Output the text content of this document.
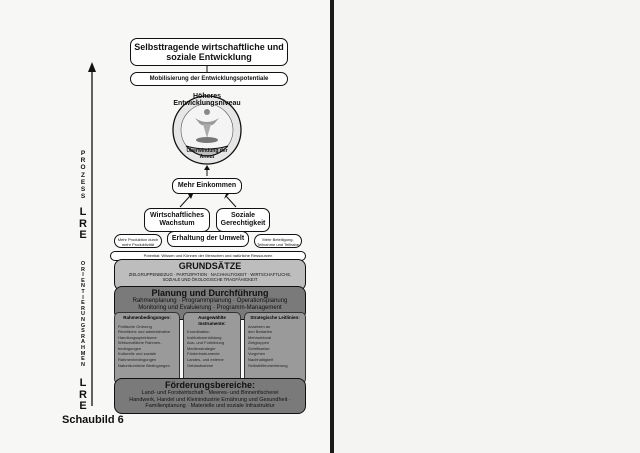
Selbsttragende wirtschaftliche und soziale Entwicklung
Mobilisierung der Entwicklungspotentiale
Höheres Entwicklungsniveau
Überwindung der Armut
Mehr Einkommen
Wirtschaftliches Wachstum
Soziale Gerechtigkeit
Mehr Produktion durch mehr Produktivität
Erhaltung der Umwelt	Mehr Beteiligung, Teilnahme und Teilhabe
Potential: Wissen und Können der Menschen und natürliche Ressourcen
P
R
O
Z
E
S
S
L
R
E
O
R
I
E
N
T
I
E
R
U
N
G
S
R
A
H
M
E
N
L
R
E
GRUNDSÄTZE
ZIELGRUPPENBEZUG · PARTIZIPATION · NACHHALTIGKEIT · WIRTSCHAFTLICHE, SOZIALE UND ÖKOLOGISCHE TRAGFÄHIGKEIT
Planung und Durchführung
Rahmenplanung · Programmplanung · Operationsplanung
Monitoring und Evaluierung · Programm-Management
Rahmenbedingungen:
Politische Ordnung
Rechtliche und administrative
Handlungsspielräume
Wirtschaftliche Rahmen-
bedingungen
Kulturelle und soziale
Rahmenbedingungen
Naturräumliche Bedingungen
Ausgewählte Instrumente:
Koordination
Institutionenbildung
Aus- und Fortbildung
Medienstrategie
Förderinstrumente
Landes- und externe
Geldaufnahme
Strategische Leitlinien:
Ansetzen an
den Bedarfen
Mehrsektoral
Zielgruppen
Schrittweise
Vorgehen
Nachhaltigkeit
Selbsthilfeorientierung
Förderungsbereiche:
Land- und Forstwirtschaft · Meeres- und Binnenfischerei
Handwerk, Handel und Kleinindustrie Ernährung und Gesundheit · Familienplanung · Materielle und soziale Infrastruktur
Schaubild 6
